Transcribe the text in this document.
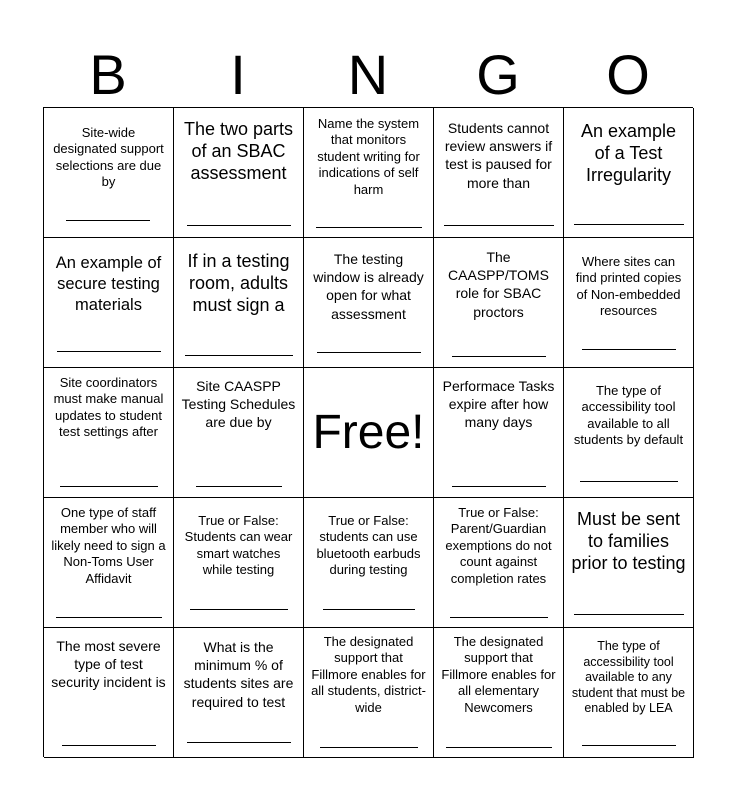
B	I	N	G	O
Site-wide designated support selections are due by
The two parts of an SBAC assessment
Name the system that monitors student writing for indications of self harm
Students cannot review answers if test is paused for more than
An example of a Test Irregularity
An example of secure testing materials
If in a testing room, adults must sign a
The testing window is already open for what assessment
The CAASPP/TOMS role for SBAC proctors
Where sites can find printed copies of Non-embedded resources
Site coordinators must make manual updates to student test settings after
Site CAASPP Testing Schedules are due by Free!
Performace Tasks expire after how many days
The type of accessibility tool available to all students by default
One type of staff member who will likely need to sign a Non-Toms User Affidavit
True or False: Students can wear smart watches while testing
True or False: students can use bluetooth earbuds during testing
True or False: Parent/Guardian exemptions do not count against completion rates
Must be sent to families prior to testing
The most severe type of test security incident is
What is the minimum % of students sites are required to test
The designated support that Fillmore enables for all students, district-wide
The designated support that Fillmore enables for all elementary Newcomers
The type of accessibility tool available to any student that must be enabled by LEA
